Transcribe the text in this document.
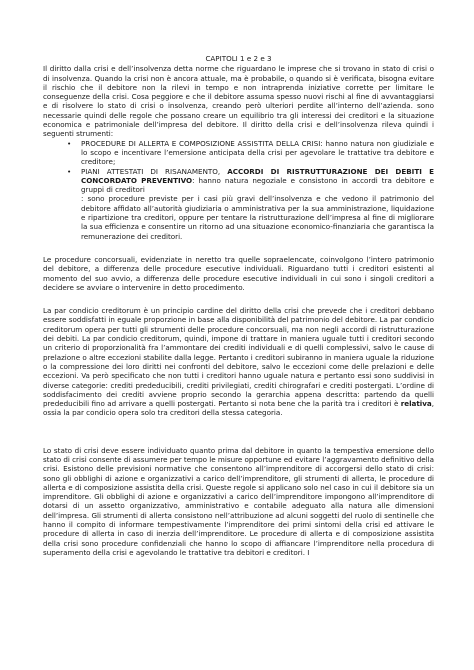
CAPITOLI 1 e 2 e 3

Il diritto dalla crisi e dell’insolvenza detta norme che riguardano le imprese che si trovano in stato di crisi o di insolvenza. Quando la crisi non è ancora attuale, ma è probabile, o quando si è verificata, bisogna evitare il rischio che il debitore non la rilevi in tempo e non intraprenda iniziative corrette per limitare le conseguenze della crisi. Cosa peggiore e che il debitore assuma spesso nuovi rischi al fine di avvantaggiarsi e di risolvere lo stato di crisi o insolvenza, creando però ulteriori perdite all’interno dell’azienda. sono necessarie quindi delle regole che possano creare un equilibrio tra gli interessi dei creditori e la situazione economica e patrimoniale dell’impresa del debitore. Il diritto della crisi e dell’insolvenza rileva quindi i seguenti strumenti:

• PROCEDURE DI ALLERTA E COMPOSIZIONE ASSISTITA DELLA CRISI: hanno natura non giudiziale e lo scopo e incentivare l’emersione anticipata della crisi per agevolare le trattative tra debitore e creditore;
• PIANI ATTESTATI DI RISANAMENTO, ACCORDI DI RISTRUTTURAZIONE DEI DEBITI E CONCORDATO PREVENTIVO: hanno natura negoziale e consistono in accordi tra debitore e gruppi di creditori
: sono procedure previste per i casi più gravi dell’insolvenza e che vedono il patrimonio del debitore affidato all’autorità giudiziaria o amministrativa per la sua amministrazione, liquidazione e ripartizione tra creditori, oppure per tentare la ristrutturazione dell’impresa al fine di migliorare la sua efficienza e consentire un ritorno ad una situazione economico-finanziaria che garantisca la remunerazione dei creditori.

Le procedure concorsuali, evidenziate in neretto tra quelle sopraelencate, coinvolgono l’intero patrimonio del debitore, a differenza delle procedure esecutive individuali. Riguardano tutti i creditori esistenti al momento del suo avvio, a differenza delle procedure esecutive individuali in cui sono i singoli creditori a decidere se avviare o intervenire in detto procedimento.

La par condicio creditorum è un principio cardine del diritto della crisi che prevede che i creditori debbano essere soddisfatti in eguale proporzione in base alla disponibilità del patrimonio del debitore. La par condicio creditorum opera per tutti gli strumenti delle procedure concorsuali, ma non negli accordi di ristrutturazione dei debiti. La par condicio creditorum, quindi, impone di trattare in maniera uguale tutti i creditori secondo un criterio di proporzionalità fra l’ammontare dei crediti individuali e di quelli complessivi, salvo le cause di prelazione o altre eccezioni stabilite dalla legge. Pertanto i creditori subiranno in maniera uguale la riduzione o la compressione dei loro diritti nei confronti del debitore, salvo le eccezioni come delle prelazioni e delle eccezioni. Va però specificato che non tutti i creditori hanno uguale natura e pertanto essi sono suddivisi in diverse categorie: crediti prededucibili, crediti privilegiati, crediti chirografari e crediti postergati. L’ordine di soddisfacimento dei crediti avviene proprio secondo la gerarchia appena descritta: partendo da quelli prededucibili fino ad arrivare a quelli postergati. Pertanto si nota bene che la parità tra i creditori è relativa, ossia la par condicio opera solo tra creditori della stessa categoria.

Lo stato di crisi deve essere individuato quanto prima dal debitore in quanto la tempestiva emersione dello stato di crisi consente di assumere per tempo le misure opportune ed evitare l’aggravamento definitivo della crisi. Esistono delle previsioni normative che consentono all’imprenditore di accorgersi dello stato di crisi: sono gli obblighi di azione e organizzativi a carico dell’imprenditore, gli strumenti di allerta, le procedure di allerta e di composizione assistita della crisi. Queste regole si applicano solo nel caso in cui il debitore sia un imprenditore. Gli obblighi di azione e organizzativi a carico dell’imprenditore impongono all’imprenditore di dotarsi di un assetto organizzativo, amministrativo e contabile adeguato alla natura alle dimensioni dell’impresa. Gli strumenti di allerta consistono nell’attribuzione ad alcuni soggetti del ruolo di sentinelle che hanno il compito di informare tempestivamente l’imprenditore dei primi sintomi della crisi ed attivare le procedure di allerta in caso di inerzia dell’imprenditore. Le procedure di allerta e di composizione assistita della crisi sono procedure confidenziali che hanno lo scopo di affiancare l’imprenditore nella procedura di superamento della crisi e agevolando le trattative tra debitori e creditori. I
